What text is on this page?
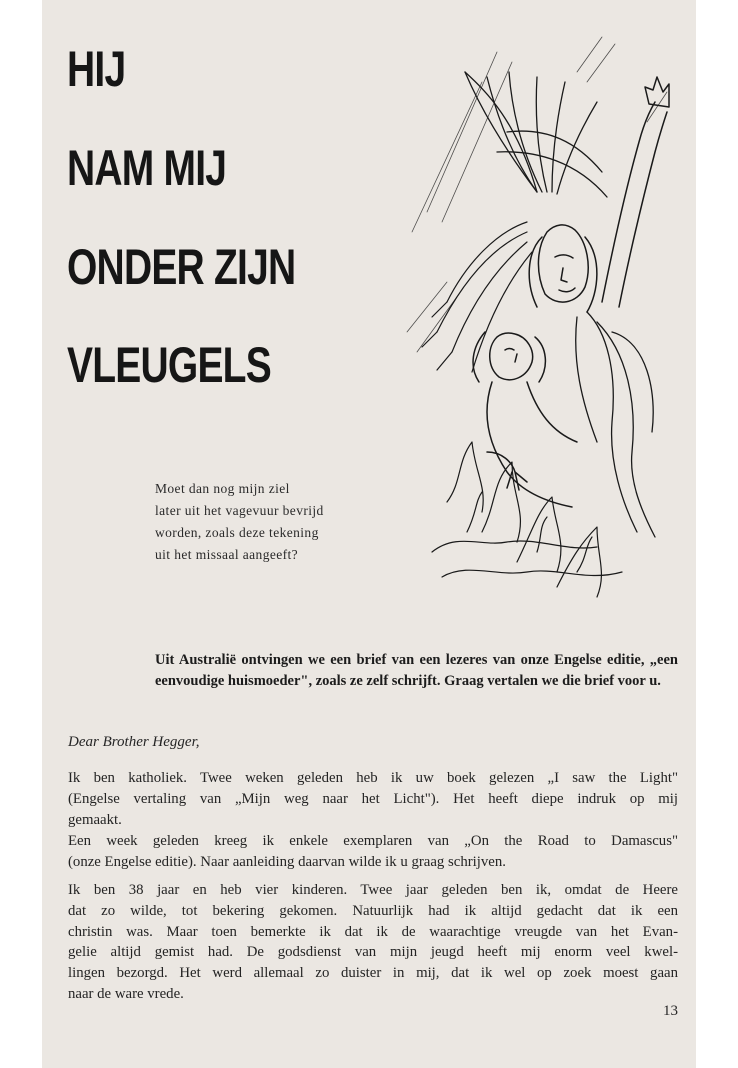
HIJ
NAM MIJ
ONDER ZIJN
VLEUGELS

Moet dan nog mijn ziel

later uit het vagevuur bevrijd

worden, zoals deze tekening

uit het missaal aangeeft?

Uit Australië ontvingen we een brief van een lezeres van onze Engelse editie, „een eenvoudige huismoeder", zoals ze zelf schrijft. Graag vertalen we die brief voor u.

Dear Brother Hegger,

Ik ben katholiek. Twee weken geleden heb ik uw boek gelezen „I saw the Light"
(Engelse vertaling van „Mijn weg naar het Licht"). Het heeft diepe indruk op mij
gemaakt.

Een week geleden kreeg ik enkele exemplaren van „On the Road to Damascus"
(onze Engelse editie). Naar aanleiding daarvan wilde ik u graag schrijven.

Ik ben 38 jaar en heb vier kinderen. Twee jaar geleden ben ik, omdat de Heere
dat zo wilde, tot bekering gekomen. Natuurlijk had ik altijd gedacht dat ik een
christin was. Maar toen bemerkte ik dat ik de waarachtige vreugde van het Evan-
gelie altijd gemist had. De godsdienst van mijn jeugd heeft mij enorm veel kwel-
lingen bezorgd. Het werd allemaal zo duister in mij, dat ik wel op zoek moest gaan
naar de ware vrede.

13
